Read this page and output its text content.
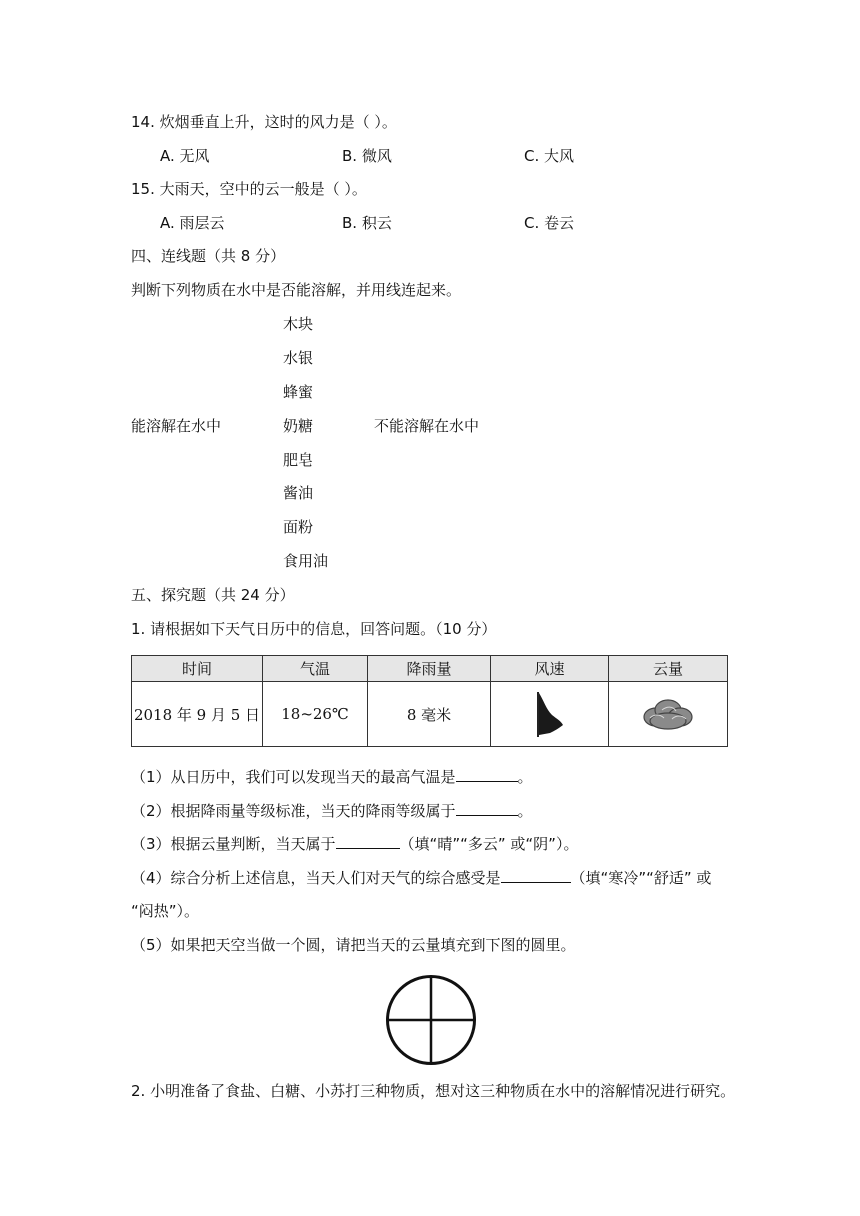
14. 炊烟垂直上升，这时的风力是（ ）。
A. 无风	B. 微风	C. 大风
15. 大雨天，空中的云一般是（ ）。
A. 雨层云	B. 积云	C. 卷云
四、连线题（共 8 分）
判断下列物质在水中是否能溶解，并用线连起来。
木块
水银
蜂蜜
能溶解在水中	奶糖	不能溶解在水中
肥皂
酱油
面粉
食用油
五、探究题（共 24 分）
1. 请根据如下天气日历中的信息，回答问题。（10 分）
时间	气温	降雨量	风速	云量
2018 年 9 月 5 日	18~26℃	8 毫米	

（1）从日历中，我们可以发现当天的最高气温是	。
（2）根据降雨量等级标准，当天的降雨等级属于	。
（3）根据云量判断，当天属于	（填“晴”“多云” 或“阴”）。
（4）综合分析上述信息，当天人们对天气的综合感受是	（填“寒冷”“舒适” 或
“闷热”）。
（5）如果把天空当做一个圆，请把当天的云量填充到下图的圆里。
2. 小明准备了食盐、白糖、小苏打三种物质，想对这三种物质在水中的溶解情况进行研究。
